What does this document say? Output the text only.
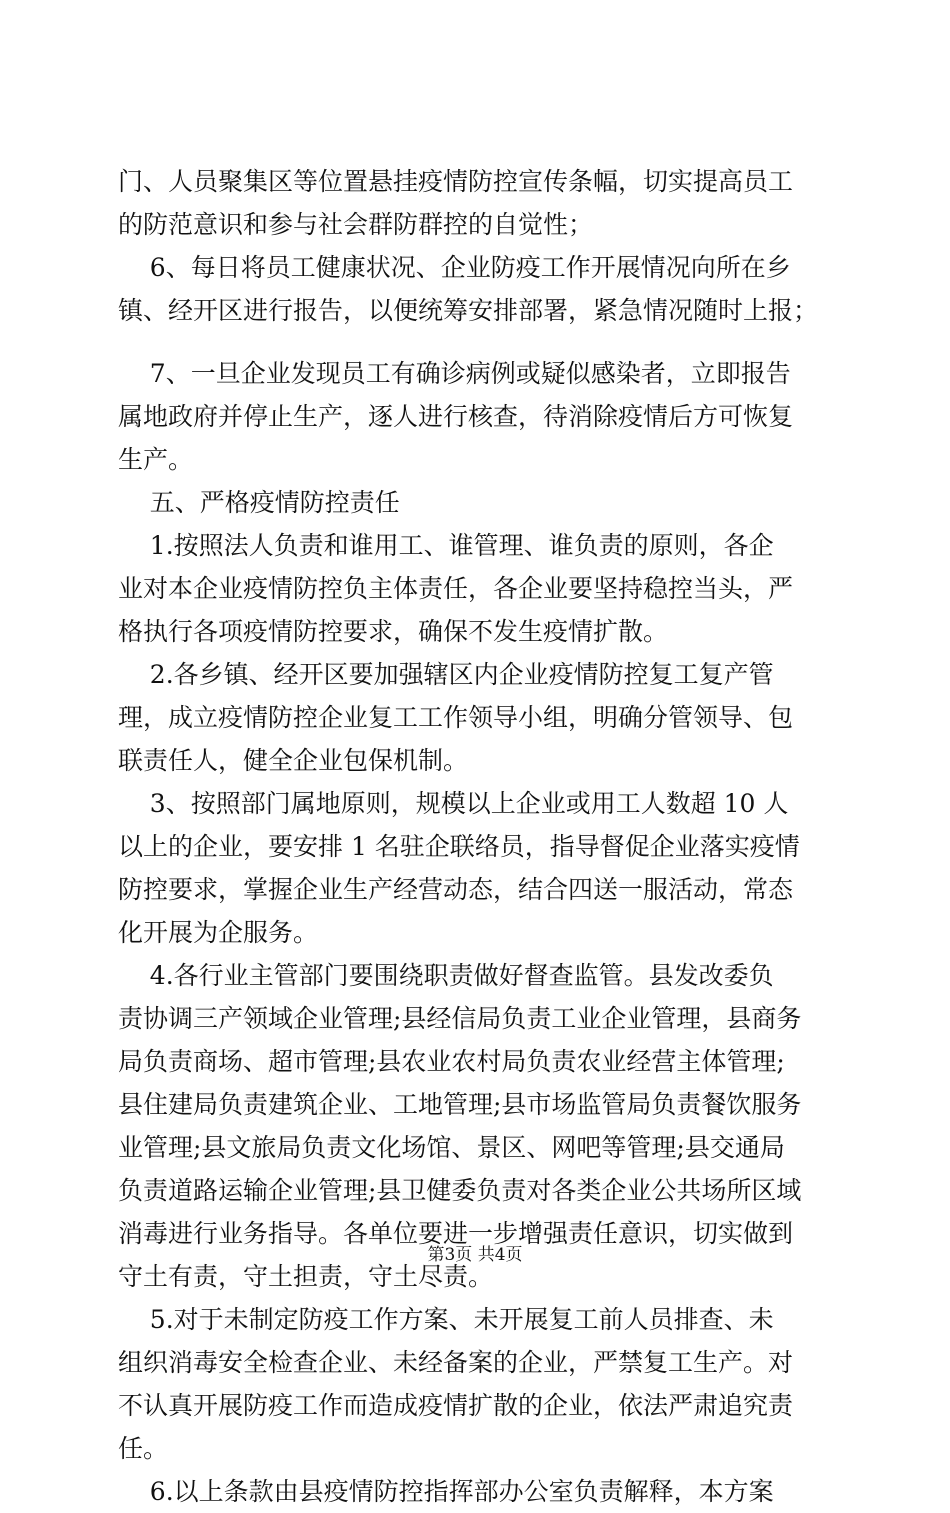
门、人员聚集区等位置悬挂疫情防控宣传条幅，切实提高员工
的防范意识和参与社会群防群控的自觉性；
6、每日将员工健康状况、企业防疫工作开展情况向所在乡
镇、经开区进行报告，以便统筹安排部署，紧急情况随时上报；
7、一旦企业发现员工有确诊病例或疑似感染者，立即报告
属地政府并停止生产，逐人进行核查，待消除疫情后方可恢复
生产。
五、严格疫情防控责任
1.按照法人负责和谁用工、谁管理、谁负责的原则，各企
业对本企业疫情防控负主体责任，各企业要坚持稳控当头，严
格执行各项疫情防控要求，确保不发生疫情扩散。
2.各乡镇、经开区要加强辖区内企业疫情防控复工复产管
理，成立疫情防控企业复工工作领导小组，明确分管领导、包
联责任人，健全企业包保机制。
3、按照部门属地原则，规模以上企业或用工人数超 10 人
以上的企业，要安排 1 名驻企联络员，指导督促企业落实疫情
防控要求，掌握企业生产经营动态，结合四送一服活动，常态
化开展为企服务。
4.各行业主管部门要围绕职责做好督查监管。县发改委负
责协调三产领域企业管理;县经信局负责工业企业管理，县商务
局负责商场、超市管理;县农业农村局负责农业经营主体管理;
县住建局负责建筑企业、工地管理;县市场监管局负责餐饮服务
业管理;县文旅局负责文化场馆、景区、网吧等管理;县交通局
负责道路运输企业管理;县卫健委负责对各类企业公共场所区域
消毒进行业务指导。各单位要进一步增强责任意识，切实做到
守土有责，守土担责，守土尽责。
5.对于未制定防疫工作方案、未开展复工前人员排查、未
组织消毒安全检查企业、未经备案的企业，严禁复工生产。对
不认真开展防疫工作而造成疫情扩散的企业，依法严肃追究责
任。
6.以上条款由县疫情防控指挥部办公室负责解释，本方案
第3页 共4页
